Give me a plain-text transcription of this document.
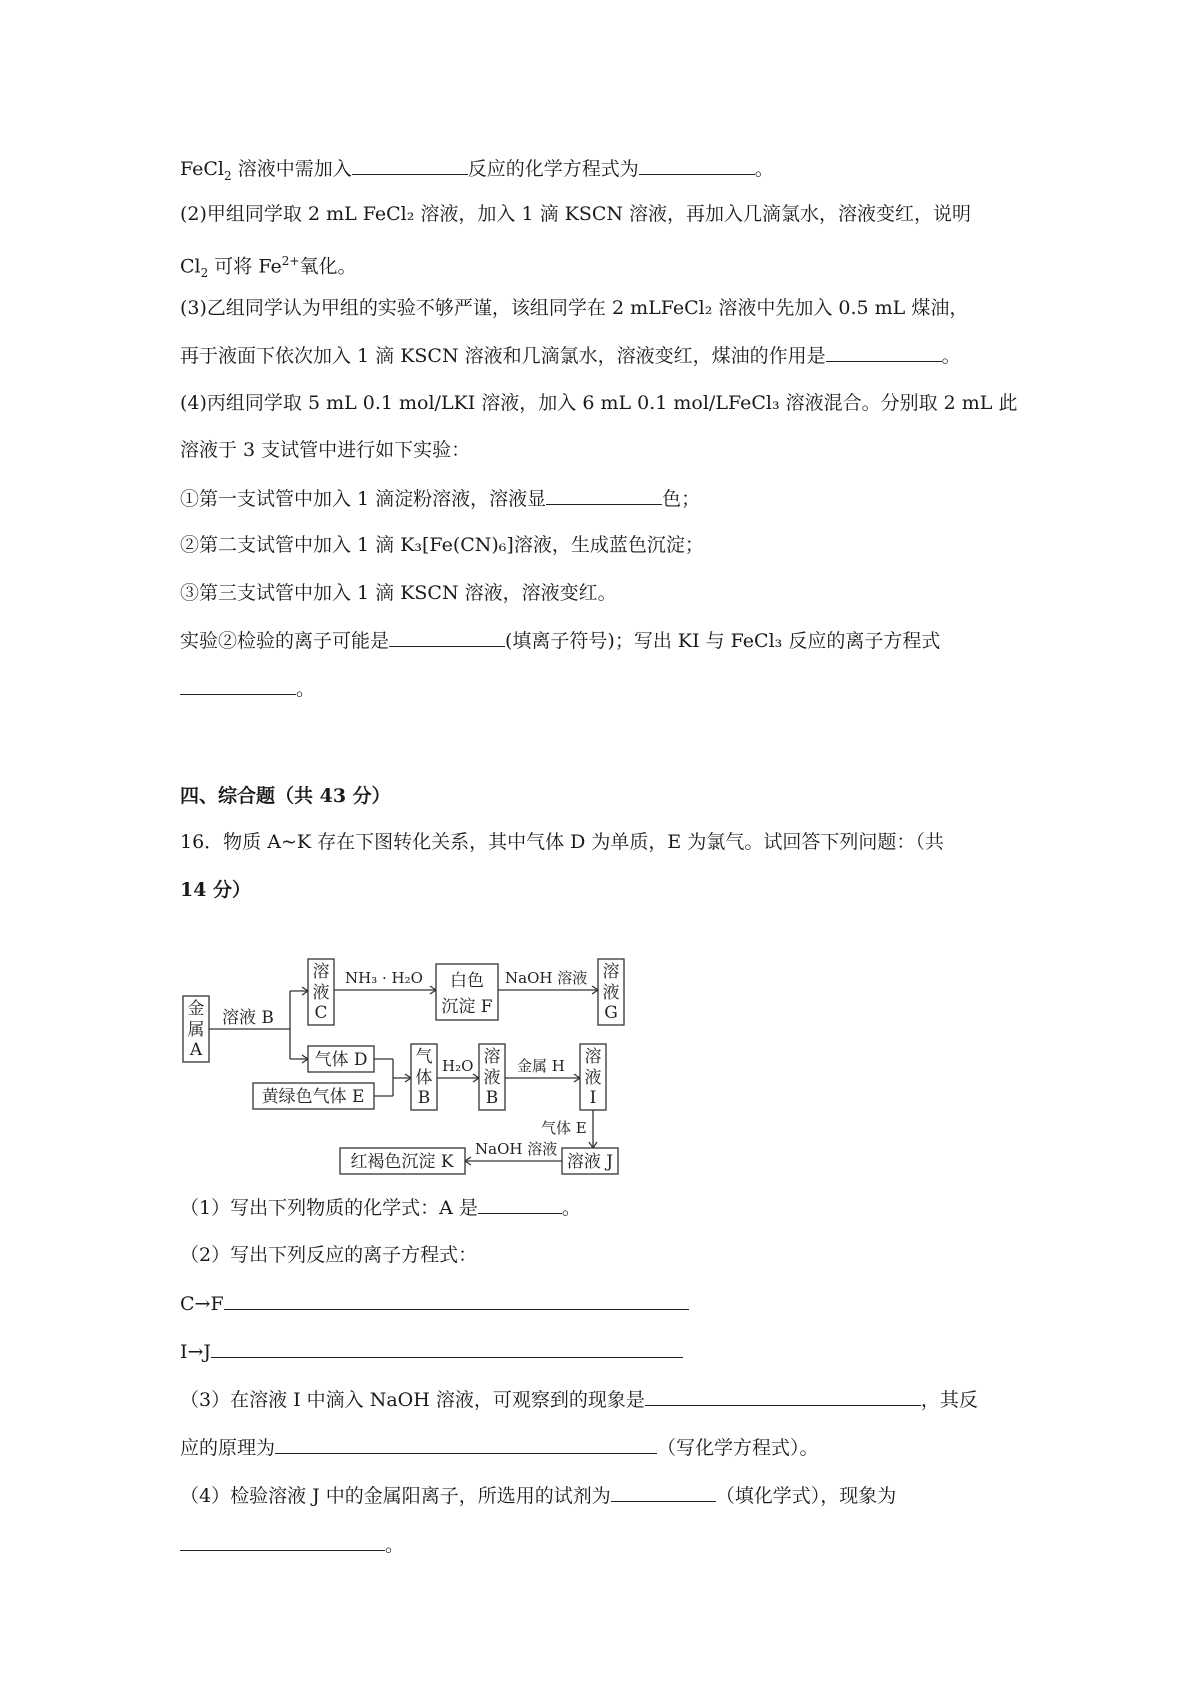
FeCl$_2$ 溶液中需加入	反应的化学方程式为	。
(2)甲组同学取 2 mL FeCl₂ 溶液，加入 1 滴 KSCN 溶液，再加入几滴氯水，溶液变红，说明
$Cl_2$ 可将 $Fe^{2+}$氧化。
(3)乙组同学认为甲组的实验不够严谨，该组同学在 2 mLFeCl₂ 溶液中先加入 0.5 mL 煤油，
再于液面下依次加入 1 滴 KSCN 溶液和几滴氯水，溶液变红，煤油的作用是	。
(4)丙组同学取 5 mL 0.1 mol/LKI 溶液，加入 6 mL 0.1 mol/LFeCl₃ 溶液混合。分别取 2 mL 此
溶液于 3 支试管中进行如下实验：
①第一支试管中加入 1 滴淀粉溶液，溶液显	色；
②第二支试管中加入 1 滴 K₃[Fe(CN)₆]溶液，生成蓝色沉淀；
③第三支试管中加入 1 滴 KSCN 溶液，溶液变红。
实验②检验的离子可能是	(填离子符号)；写出 KI 与 FeCl₃ 反应的离子方程式
。
四、综合题（共 43 分）
16．物质 A~K 存在下图转化关系，其中气体 D 为单质，E 为氯气。试回答下列问题：（共
14 分）
金
属
A
溶液 B
溶
液
C
NH₃ · H₂O 白色
沉淀 F
NaOH 溶液 溶
液
G
气体 D
黄绿色气体 E
气
体
B
H₂O 溶
液
B
金属 H 溶
液
I
气体 E
溶液 J
NaOH 溶液
红褐色沉淀 K
（1）写出下列物质的化学式：A 是	。
（2）写出下列反应的离子方程式：
C→F
I→J
（3）在溶液 I 中滴入 NaOH 溶液，可观察到的现象是	，其反
应的原理为	（写化学方程式）。
（4）检验溶液 J 中的金属阳离子，所选用的试剂为	（填化学式），现象为
。
